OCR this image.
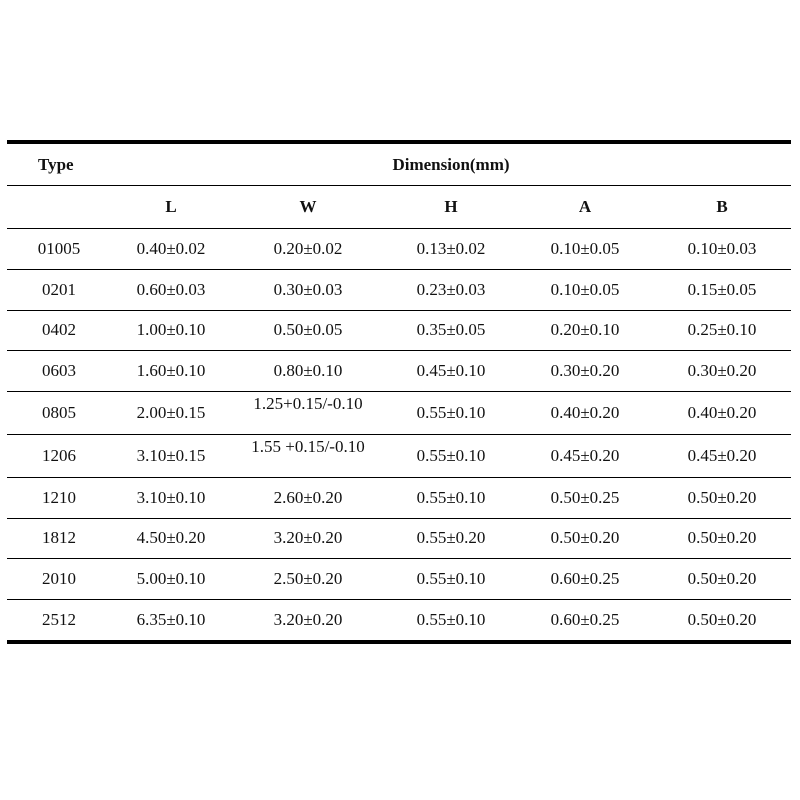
Type	Dimension(mm)				
	L	W	H	A	B
01005	0.40±0.02	0.20±0.02	0.13±0.02	0.10±0.05	0.10±0.03
0201	0.60±0.03	0.30±0.03	0.23±0.03	0.10±0.05	0.15±0.05
0402	1.00±0.10	0.50±0.05	0.35±0.05	0.20±0.10	0.25±0.10
0603	1.60±0.10	0.80±0.10	0.45±0.10	0.30±0.20	0.30±0.20
0805	2.00±0.15	1.25+0.15/-0.10	0.55±0.10	0.40±0.20	0.40±0.20
1206	3.10±0.15	1.55 +0.15/-0.10	0.55±0.10	0.45±0.20	0.45±0.20
1210	3.10±0.10	2.60±0.20	0.55±0.10	0.50±0.25	0.50±0.20
1812	4.50±0.20	3.20±0.20	0.55±0.20	0.50±0.20	0.50±0.20
2010	5.00±0.10	2.50±0.20	0.55±0.10	0.60±0.25	0.50±0.20
2512	6.35±0.10	3.20±0.20	0.55±0.10	0.60±0.25	0.50±0.20
